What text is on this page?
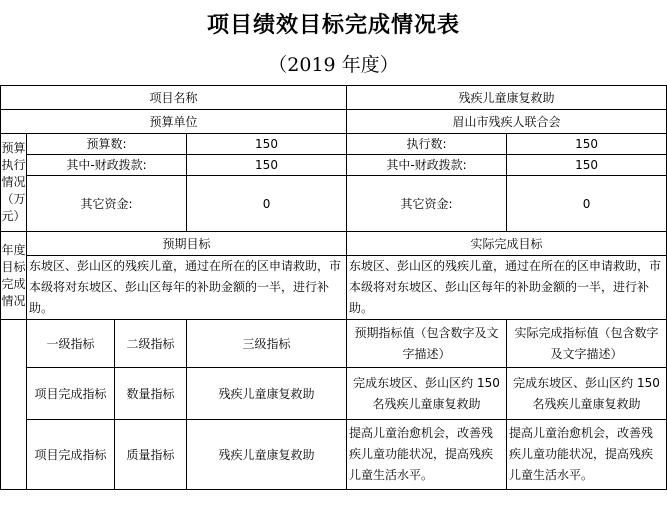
项目绩效目标完成情况表
（2019 年度）
项目名称				残疾儿童康复救助	
预算单位				眉山市残疾人联合会	
预算执行情况（万元）	预算数:		150	执行数:	150
	其中-财政拨款:		150	其中-财政拨款:	150
	其它资金:		0	其它资金:	0
年度目标完成情况	预期目标			实际完成目标	
	东坡区、彭山区的残疾儿童，通过在所在的区申请救助，市本级将对东坡区、彭山区每年的补助金额的一半，进行补助。			东坡区、彭山区的残疾儿童，通过在所在的区申请救助，市本级将对东坡区、彭山区每年的补助金额的一半，进行补助。	
	一级指标	二级指标	三级指标	预期指标值（包含数字及文字描述）	实际完成指标值（包含数字及文字描述）
	项目完成指标	数量指标	残疾儿童康复救助	完成东坡区、彭山区约 150 名残疾儿童康复救助	完成东坡区、彭山区约 150 名残疾儿童康复救助
	项目完成指标	质量指标	残疾儿童康复救助	提高儿童治愈机会，改善残疾儿童功能状况，提高残疾儿童生活水平。	提高儿童治愈机会，改善残疾儿童功能状况，提高残疾儿童生活水平。
